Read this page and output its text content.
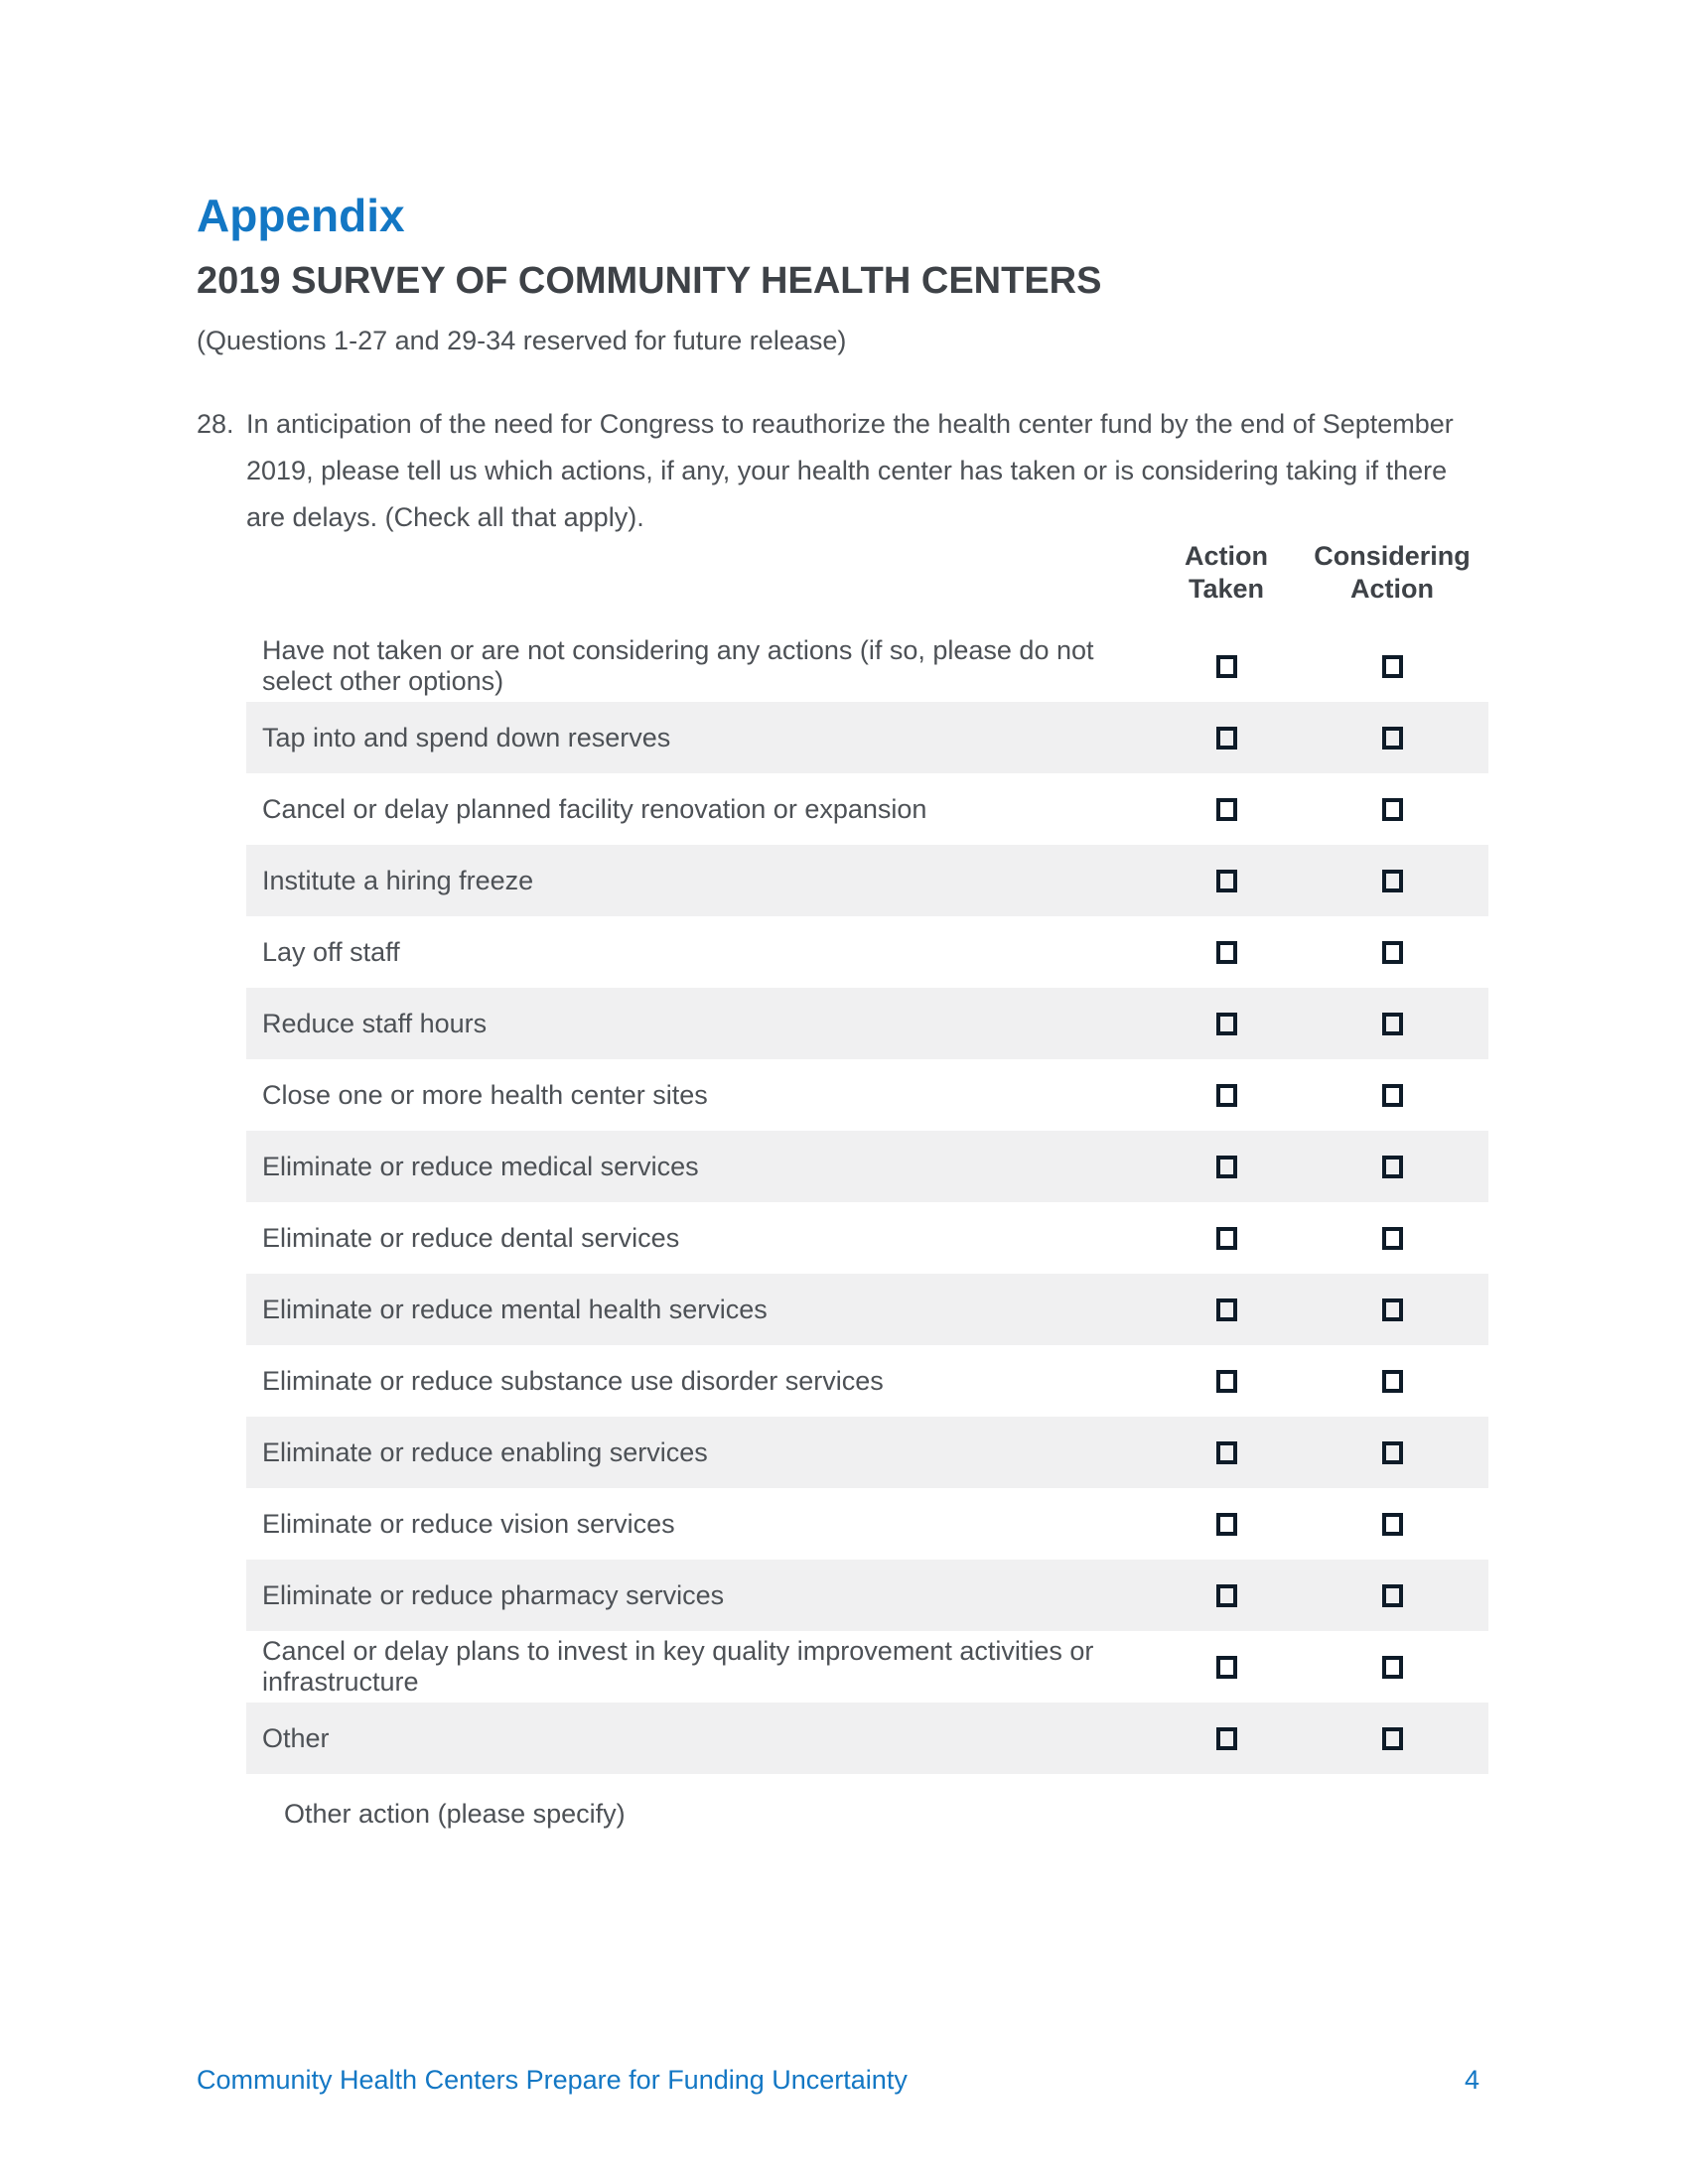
Appendix
2019 SURVEY OF COMMUNITY HEALTH CENTERS

(Questions 1-27 and 29-34 reserved for future release)

28. In anticipation of the need for Congress to reauthorize the health center fund by the end of September 2019, please tell us which actions, if any, your health center has taken or is considering taking if there are delays. (Check all that apply).
Action Taken
Considering Action
Have not taken or are not considering any actions (if so, please do not select other options)
Tap into and spend down reserves
Cancel or delay planned facility renovation or expansion
Institute a hiring freeze
Lay off staff
Reduce staff hours
Close one or more health center sites
Eliminate or reduce medical services
Eliminate or reduce dental services
Eliminate or reduce mental health services
Eliminate or reduce substance use disorder services
Eliminate or reduce enabling services
Eliminate or reduce vision services
Eliminate or reduce pharmacy services
Cancel or delay plans to invest in key quality improvement activities or infrastructure
Other

Other action (please specify)

Community Health Centers Prepare for Funding Uncertainty	4
